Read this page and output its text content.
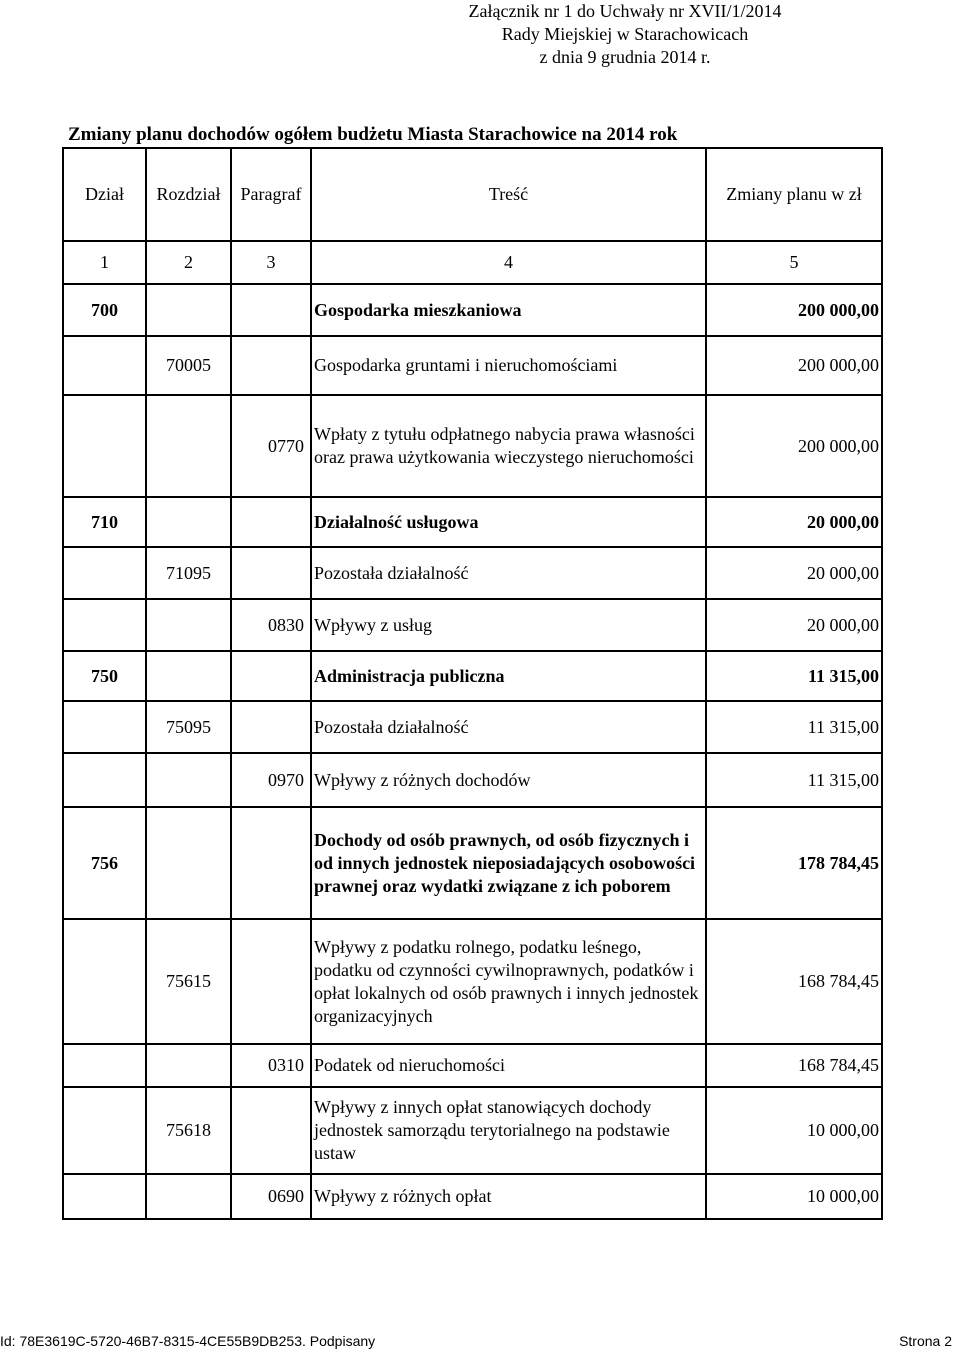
Załącznik nr 1 do Uchwały nr XVII/1/2014
Rady Miejskiej w Starachowicach
z dnia 9 grudnia 2014 r.
Zmiany planu dochodów ogółem budżetu Miasta Starachowice na 2014 rok
Dział	Rozdział	Paragraf	Treść	Zmiany planu w zł
1	2	3	4	5
700			Gospodarka mieszkaniowa	200 000,00
	70005		Gospodarka gruntami i nieruchomościami	200 000,00
		0770	Wpłaty z tytułu odpłatnego nabycia prawa własności oraz prawa użytkowania wieczystego nieruchomości	200 000,00
710			Działalność usługowa	20 000,00
	71095		Pozostała działalność	20 000,00
		0830	Wpływy z usług	20 000,00
750			Administracja publiczna	11 315,00
	75095		Pozostała działalność	11 315,00
		0970	Wpływy z różnych dochodów	11 315,00
756			Dochody od osób prawnych, od osób fizycznych i od innych jednostek nieposiadających osobowości prawnej oraz wydatki związane z ich poborem	178 784,45
	75615		Wpływy z podatku rolnego, podatku leśnego, podatku od czynności cywilnoprawnych, podatków i opłat lokalnych od osób prawnych i innych jednostek organizacyjnych	168 784,45
		0310	Podatek od nieruchomości	168 784,45
	75618		Wpływy z innych opłat stanowiących dochody jednostek samorządu terytorialnego na podstawie ustaw	10 000,00
		0690	Wpływy z różnych opłat	10 000,00
Id: 78E3619C-5720-46B7-8315-4CE55B9DB253. Podpisany	Strona 2
